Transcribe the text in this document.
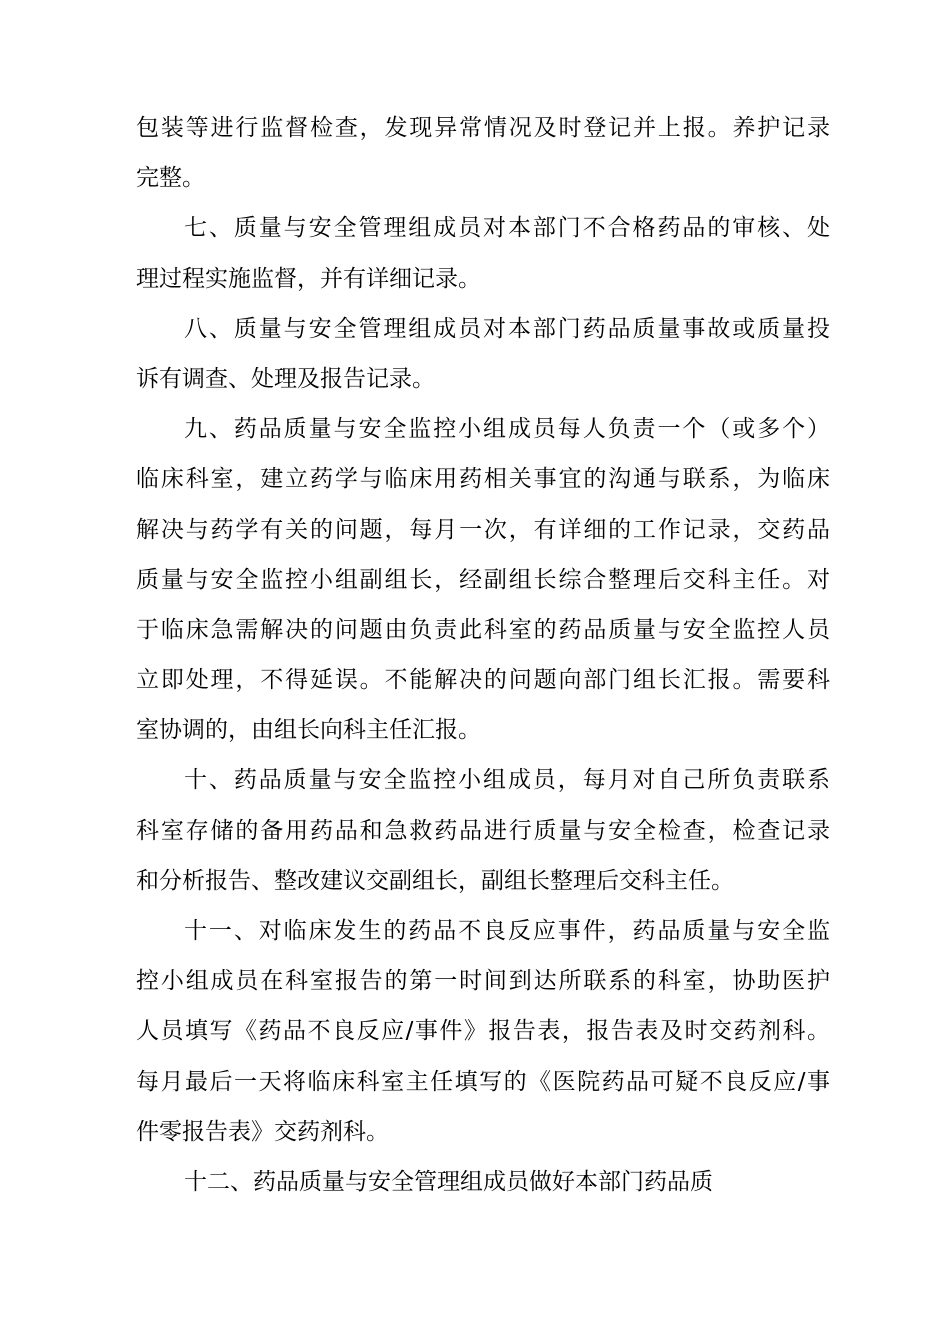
包装等进行监督检查，发现异常情况及时登记并上报。养护记录
完整。
七、质量与安全管理组成员对本部门不合格药品的审核、处
理过程实施监督，并有详细记录。
八、质量与安全管理组成员对本部门药品质量事故或质量投
诉有调查、处理及报告记录。
九、药品质量与安全监控小组成员每人负责一个（或多个）
临床科室，建立药学与临床用药相关事宜的沟通与联系，为临床
解决与药学有关的问题，每月一次，有详细的工作记录，交药品
质量与安全监控小组副组长，经副组长综合整理后交科主任。对
于临床急需解决的问题由负责此科室的药品质量与安全监控人员
立即处理，不得延误。不能解决的问题向部门组长汇报。需要科
室协调的，由组长向科主任汇报。
十、药品质量与安全监控小组成员，每月对自己所负责联系
科室存储的备用药品和急救药品进行质量与安全检查，检查记录
和分析报告、整改建议交副组长，副组长整理后交科主任。
十一、对临床发生的药品不良反应事件，药品质量与安全监
控小组成员在科室报告的第一时间到达所联系的科室，协助医护
人员填写《药品不良反应/事件》报告表，报告表及时交药剂科。
每月最后一天将临床科室主任填写的《医院药品可疑不良反应/事
件零报告表》交药剂科。
十二、药品质量与安全管理组成员做好本部门药品质
